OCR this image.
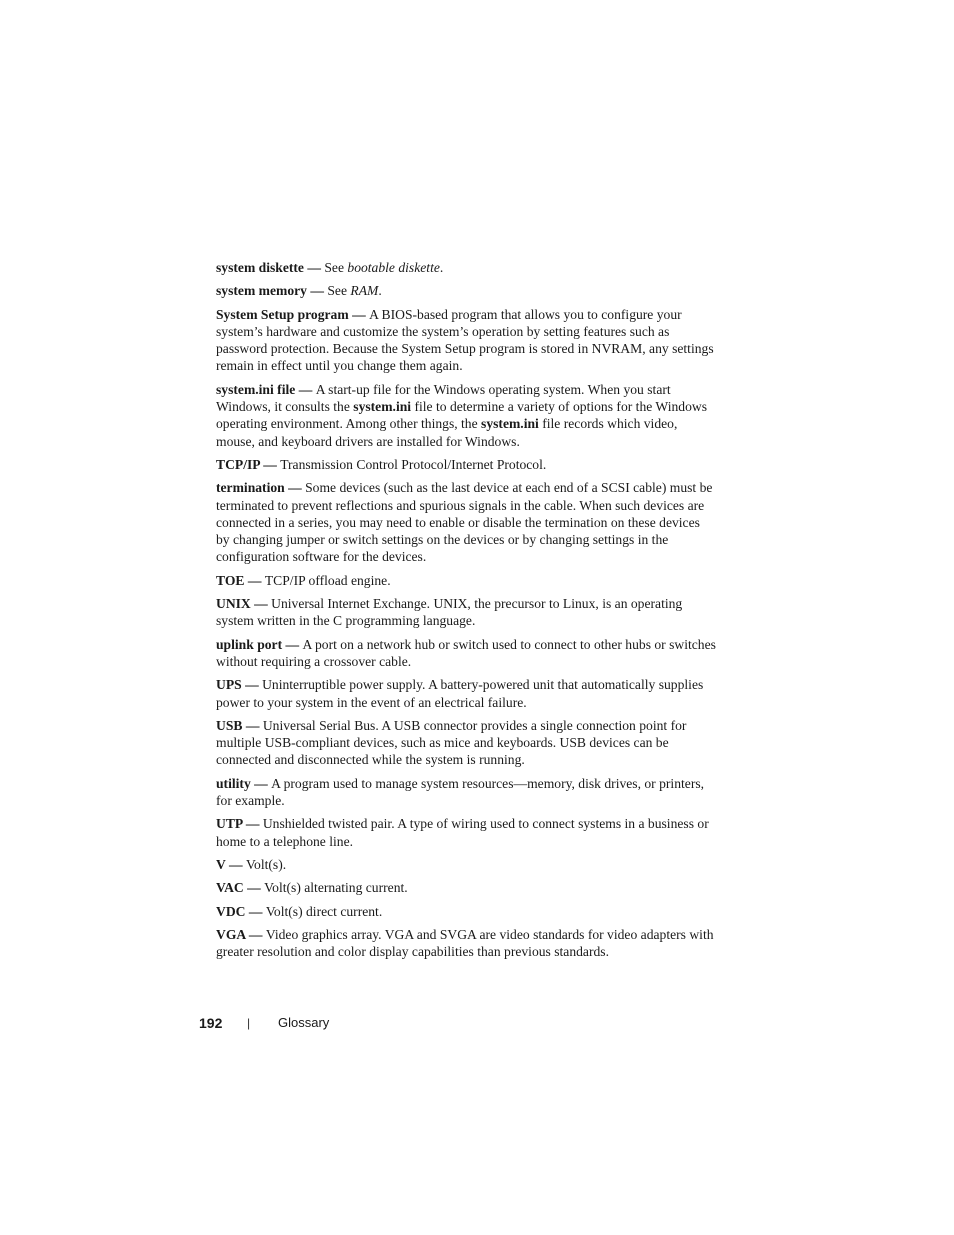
system diskette — See bootable diskette.

system memory — See RAM.

System Setup program — A BIOS-based program that allows you to configure your system’s hardware and customize the system’s operation by setting features such as password protection. Because the System Setup program is stored in NVRAM, any settings remain in effect until you change them again.

system.ini file — A start-up file for the Windows operating system. When you start Windows, it consults the system.ini file to determine a variety of options for the Windows operating environment. Among other things, the system.ini file records which video, mouse, and keyboard drivers are installed for Windows.

TCP/IP — Transmission Control Protocol/Internet Protocol.

termination — Some devices (such as the last device at each end of a SCSI cable) must be terminated to prevent reflections and spurious signals in the cable. When such devices are connected in a series, you may need to enable or disable the termination on these devices by changing jumper or switch settings on the devices or by changing settings in the configuration software for the devices.

TOE — TCP/IP offload engine.

UNIX — Universal Internet Exchange. UNIX, the precursor to Linux, is an operating system written in the C programming language.

uplink port — A port on a network hub or switch used to connect to other hubs or switches without requiring a crossover cable.

UPS — Uninterruptible power supply. A battery-powered unit that automatically supplies power to your system in the event of an electrical failure.

USB — Universal Serial Bus. A USB connector provides a single connection point for multiple USB-compliant devices, such as mice and keyboards. USB devices can be connected and disconnected while the system is running.

utility — A program used to manage system resources—memory, disk drives, or printers, for example.

UTP — Unshielded twisted pair. A type of wiring used to connect systems in a business or home to a telephone line.

V — Volt(s).

VAC — Volt(s) alternating current.

VDC — Volt(s) direct current.

VGA — Video graphics array. VGA and SVGA are video standards for video adapters with greater resolution and color display capabilities than previous standards.

192 | Glossary
